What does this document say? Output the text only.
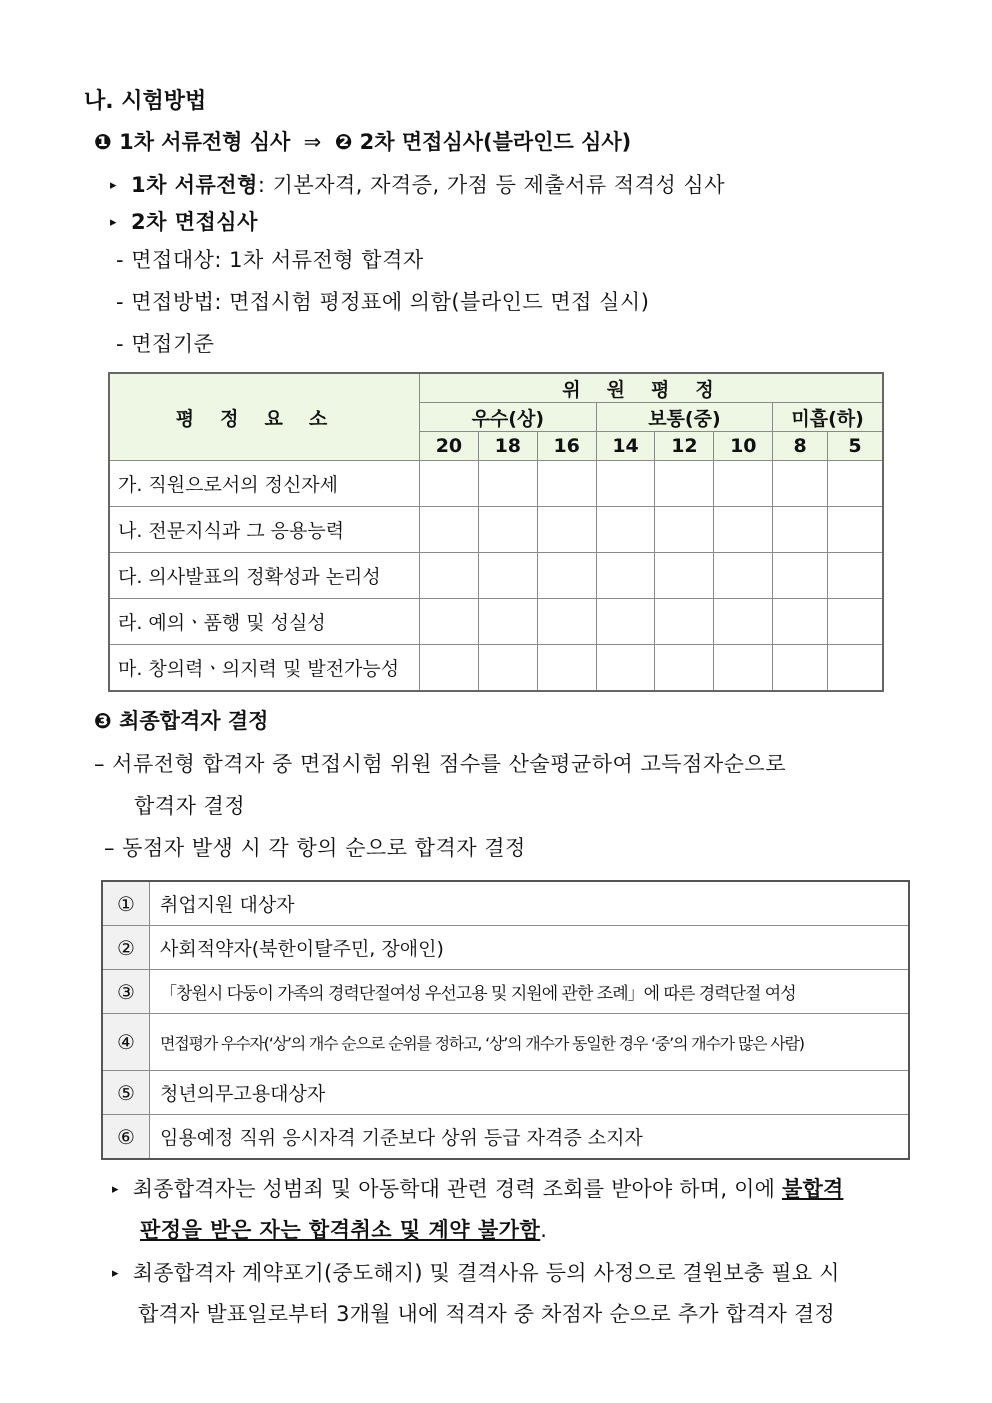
나. 시험방법
❶ 1차 서류전형 심사 ⇒ ❷ 2차 면접심사(블라인드 심사)
▸ 1차 서류전형: 기본자격, 자격증, 가점 등 제출서류 적격성 심사
▸ 2차 면접심사
- 면접대상: 1차 서류전형 합격자
- 면접방법: 면접시험 평정표에 의함(블라인드 면접 실시)
- 면접기준
평정요소	위원평정							
	우수(상)			보통(중)			미흡(하)	
	20	18	16	14	12	10	8	5
가. 직원으로서의 정신자세								
나. 전문지식과 그 응용능력								
다. 의사발표의 정확성과 논리성								
라. 예의ㆍ품행 및 성실성								
마. 창의력ㆍ의지력 및 발전가능성								
❸ 최종합격자 결정
– 서류전형 합격자 중 면접시험 위원 점수를 산술평균하여 고득점자순으로
합격자 결정
– 동점자 발생 시 각 항의 순으로 합격자 결정
①	취업지원 대상자
②	사회적약자(북한이탈주민, 장애인)
③	「창원시 다둥이 가족의 경력단절여성 우선고용 및 지원에 관한 조례」에 따른 경력단절 여성
④	면접평가 우수자(‘상’의 개수 순으로 순위를 정하고, ‘상’의 개수가 동일한 경우 ‘중’의 개수가 많은 사람)
⑤	청년의무고용대상자
⑥	임용예정 직위 응시자격 기준보다 상위 등급 자격증 소지자
▸ 최종합격자는 성범죄 및 아동학대 관련 경력 조회를 받아야 하며, 이에 불합격
판정을 받은 자는 합격취소 및 계약 불가함.
▸ 최종합격자 계약포기(중도해지) 및 결격사유 등의 사정으로 결원보충 필요 시
합격자 발표일로부터 3개월 내에 적격자 중 차점자 순으로 추가 합격자 결정
